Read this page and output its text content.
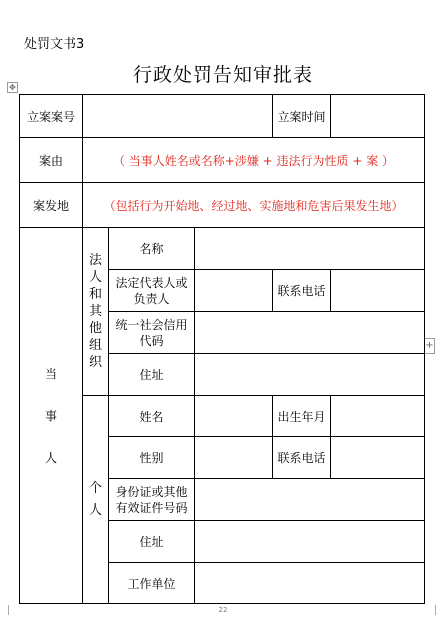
处罚文书3
行政处罚告知审批表
✥
+
立案案号				立案时间	
案由	（ 当事人姓名或名称+涉嫌 + 违法行为性质 + 案 ）				
案发地	（包括行为开始地、经过地、实施地和危害后果发生地）				

当事人	法人和其他组织	名称			

		法定代表人或负责人		联系电话	

		统一社会信用代码			

		住址			

	个人	姓名		出生年月	
		性别		联系电话	

		身份证或其他有效证件号码			

		住址			
		工作单位			
22
